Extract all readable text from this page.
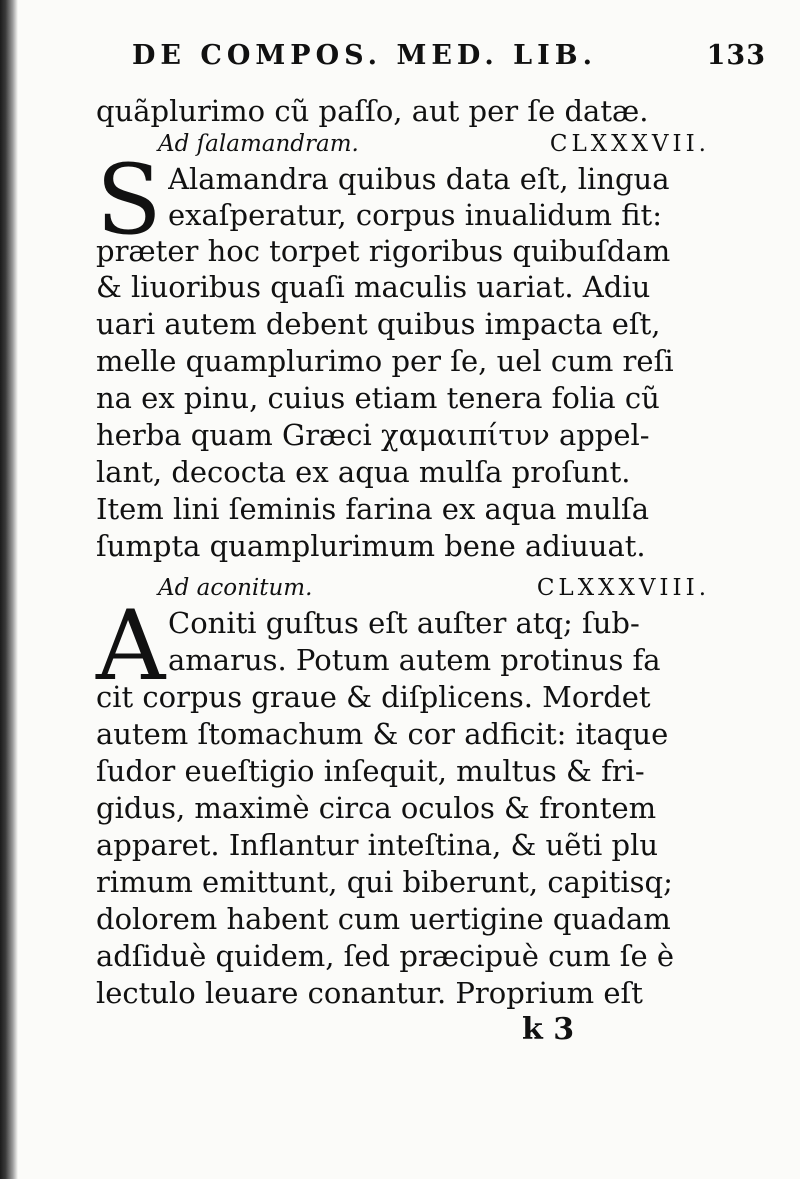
DE COMPOS. MED. LIB.	133
quãplurimo cũ paſſo, aut per ſe datæ.
Ad ſalamandram.	CLXXXVII.
S Alamandra quibus data eſt, lingua
exaſperatur, corpus inualidum fit:
præter hoc torpet rigoribus quibuſdam
& liuoribus quaſi maculis uariat. Adiu
uari autem debent quibus impacta eſt,
melle quamplurimo per ſe, uel cum reſi
na ex pinu, cuius etiam tenera folia cũ
herba quam Græci χαμαιπίτυν appel-
lant, decocta ex aqua mulſa proſunt.
Item lini ſeminis farina ex aqua mulſa
ſumpta quamplurimum bene adiuuat.
Ad aconitum.	CLXXXVIII.
A Coniti guſtus eſt auſter atq; ſub-
amarus. Potum autem protinus fa
cit corpus graue & diſplicens. Mordet
autem ſtomachum & cor adficit: itaque
ſudor eueſtigio inſequit, multus & fri-
gidus, maximè circa oculos & frontem
apparet. Inflantur inteſtina, & uẽti plu
rimum emittunt, qui biberunt, capitisq;
dolorem habent cum uertigine quadam
adſiduè quidem, ſed præcipuè cum ſe è
lectulo leuare conantur. Proprium eſt
k 3
